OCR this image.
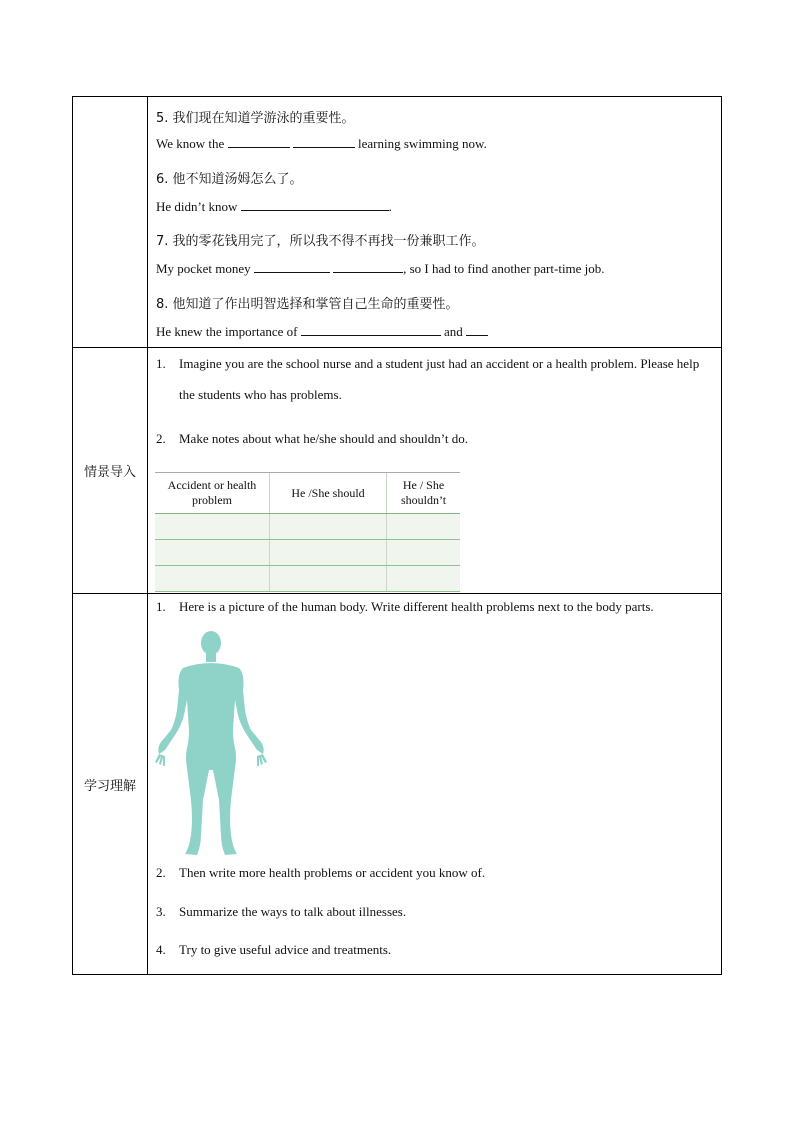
5. 我们现在知道学游泳的重要性。
We know the	learning swimming now.
6. 他不知道汤姆怎么了。
He didn’t know	.
7. 我的零花钱用完了，所以我不得不再找一份兼职工作。
My pocket money	, so I had to find another part-time job.
8. 他知道了作出明智选择和掌管自己生命的重要性。
He knew the importance of	and
情景导入
1. Imagine you are the school nurse and a student just had an accident or a health problem. Please help the students who has problems.
2. Make notes about what he/she should and shouldn’t do.
Accident or health problem	He /She should	He / She shouldn’t

学习理解
1. Here is a picture of the human body. Write different health problems next to the body parts.
2. Then write more health problems or accident you know of.
3. Summarize the ways to talk about illnesses.
4. Try to give useful advice and treatments.
